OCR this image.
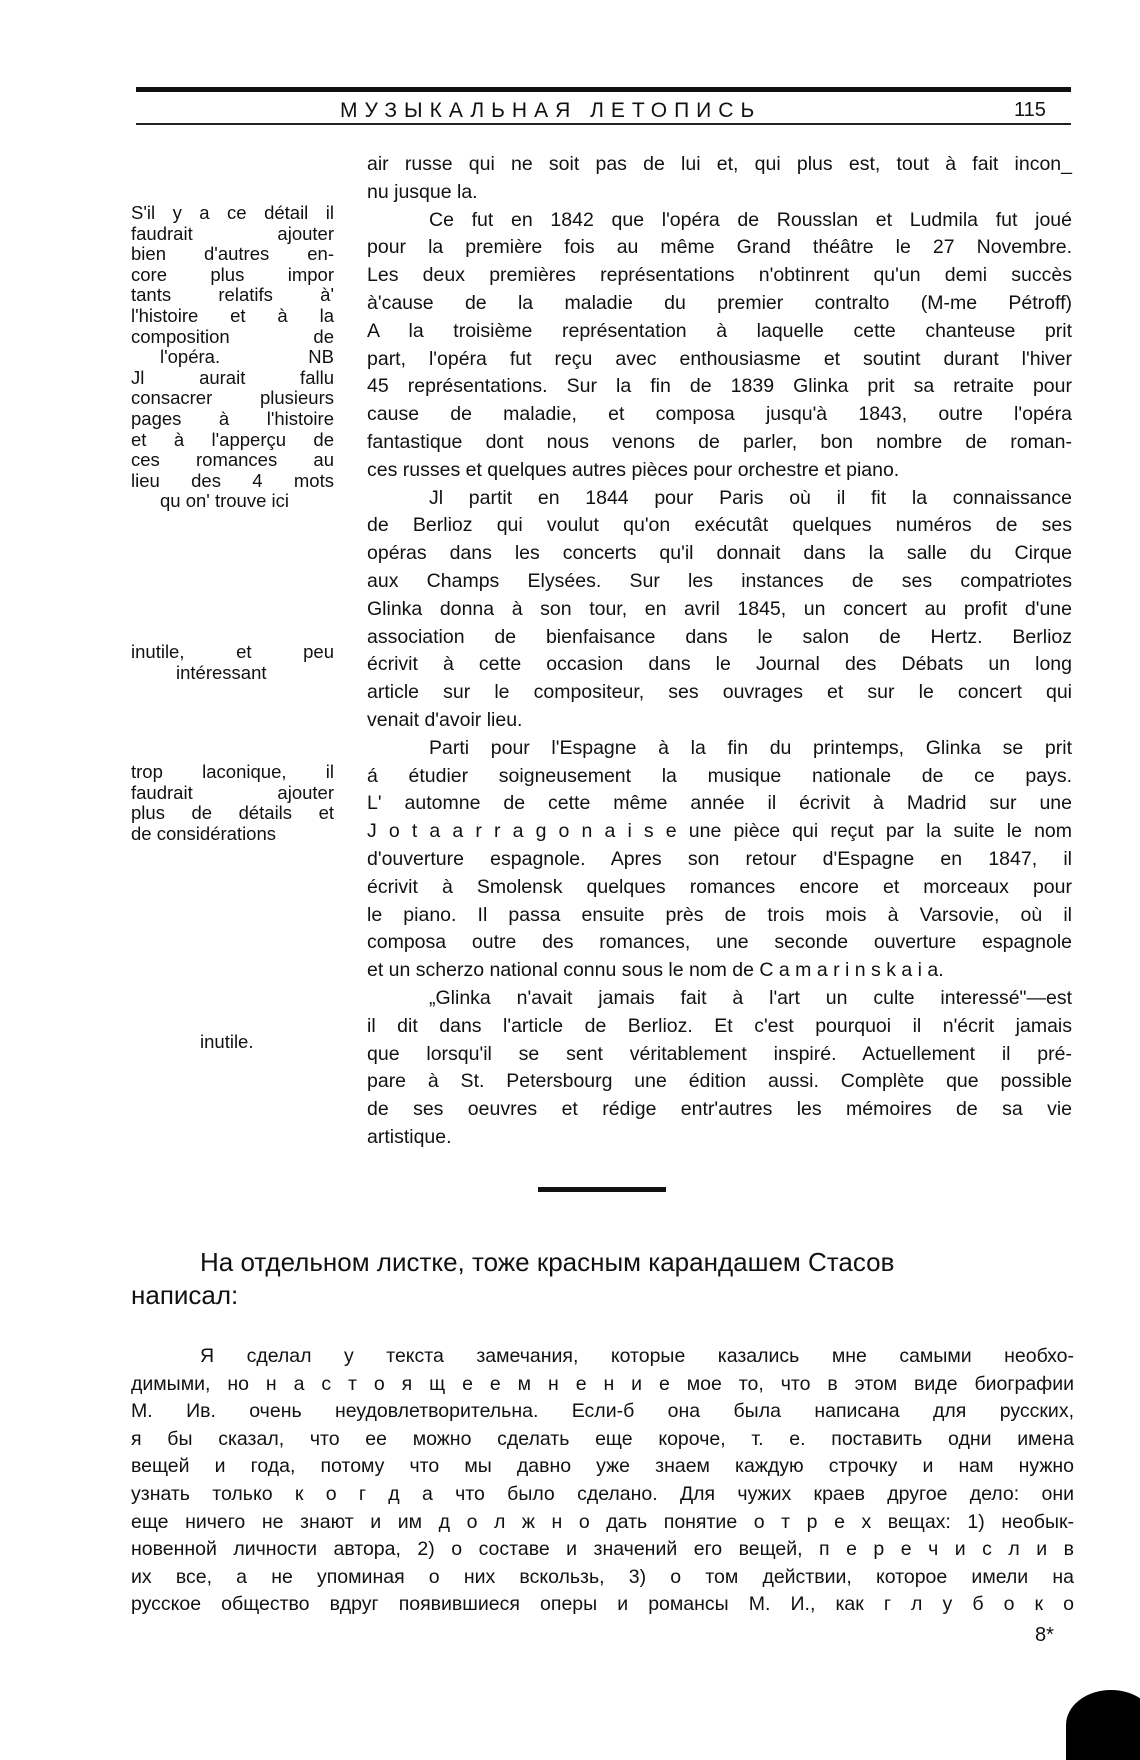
МУЗЫКАЛЬНАЯ ЛЕТОПИСЬ	115
air russe qui ne soit pas de lui et, qui plus est, tout à fait incon_
nu jusque la.
Ce fut en 1842 que l'opéra de Rousslan et Ludmila fut joué
pour la première fois au même Grand théâtre le 27 Novembre.
Les deux premières représentations n'obtinrent qu'un demi succès
à'cause de la maladie du premier contralto (M-me Pétroff)
A la troisième représentation à laquelle cette chanteuse prit
part, l'opéra fut reçu avec enthousiasme et soutint durant l'hiver
45 représentations. Sur la fin de 1839 Glinka prit sa retraite pour
cause de maladie, et composa jusqu'à 1843, outre l'opéra
fantastique dont nous venons de parler, bon nombre de roman-
ces russes et quelques autres pièces pour orchestre et piano.
Jl partit en 1844 pour Paris où il fit la connaissance
de Berlioz qui voulut qu'on exécutât quelques numéros de ses
opéras dans les concerts qu'il donnait dans la salle du Cirque
aux Champs Elysées. Sur les instances de ses compatriotes
Glinka donna à son tour, en avril 1845, un concert au profit d'une
association de bienfaisance dans le salon de Hertz. Berlioz
écrivit à cette occasion dans le Journal des Débats un long
article sur le compositeur, ses ouvrages et sur le concert qui
venait d'avoir lieu.
Parti pour l'Espagne à la fin du printemps, Glinka se prit
á étudier soigneusement la musique nationale de ce pays.
L' automne de cette même année il écrivit à Madrid sur une
J o t a a r r a g o n a i s e une pièce qui reçut par la suite le nom
d'ouverture espagnole. Apres son retour d'Espagne en 1847, il
écrivit à Smolensk quelques romances encore et morceaux pour
le piano. Il passa ensuite près de trois mois à Varsovie, où il
composa outre des romances, une seconde ouverture espagnole
et un scherzo national connu sous le nom de C a m a r i n s k a i a.
„Glinka n'avait jamais fait à l'art un culte interessé"—est
il dit dans l'article de Berlioz. Et c'est pourquoi il n'écrit jamais
que lorsqu'il se sent véritablement inspiré. Actuellement il pré-
pare à St. Petersbourg une édition aussi. Complète que possible
de ses oeuvres et rédige entr'autres les mémoires de sa vie
artistique.
S'il y a ce détail il
faudrait ajouter
bien d'autres en-
core plus impor
tants relatifs à'
l'histoire et à la
composition de
l'opéra. NB
Jl aurait fallu
consacrer plusieurs
pages à l'histoire
et à l'apperçu de
ces romances au
lieu des 4 mots
qu on' trouve ici
inutile, et peu
intéressant
trop laconique, il
faudrait ajouter
plus de détails et
de considérations
inutile.
На отдельном листке, тоже красным карандашем Стасов
написал:
Я сделал у текста замечания, которые казались мне самыми необхо-
димыми, но н а с т о я щ е е м н е н и е мое то, что в этом виде биографии
М. Ив. очень неудовлетворительна. Если-б она была написана для русских,
я бы сказал, что ее можно сделать еще короче, т. е. поставить одни имена
вещей и года, потому что мы давно уже знаем каждую строчку и нам нужно
узнать только к о г д а что было сделано. Для чужих краев другое дело: они
еще ничего не знают и им д о л ж н о дать понятие о т р е х вещах: 1) необык-
новенной личности автора, 2) о составе и значений его вещей, п е р е ч и с л и в
их все, а не упоминая о них вскользь, 3) о том действии, которое имели на
русское общество вдруг появившиеся оперы и романсы М. И., как г л у б о к о
8*
